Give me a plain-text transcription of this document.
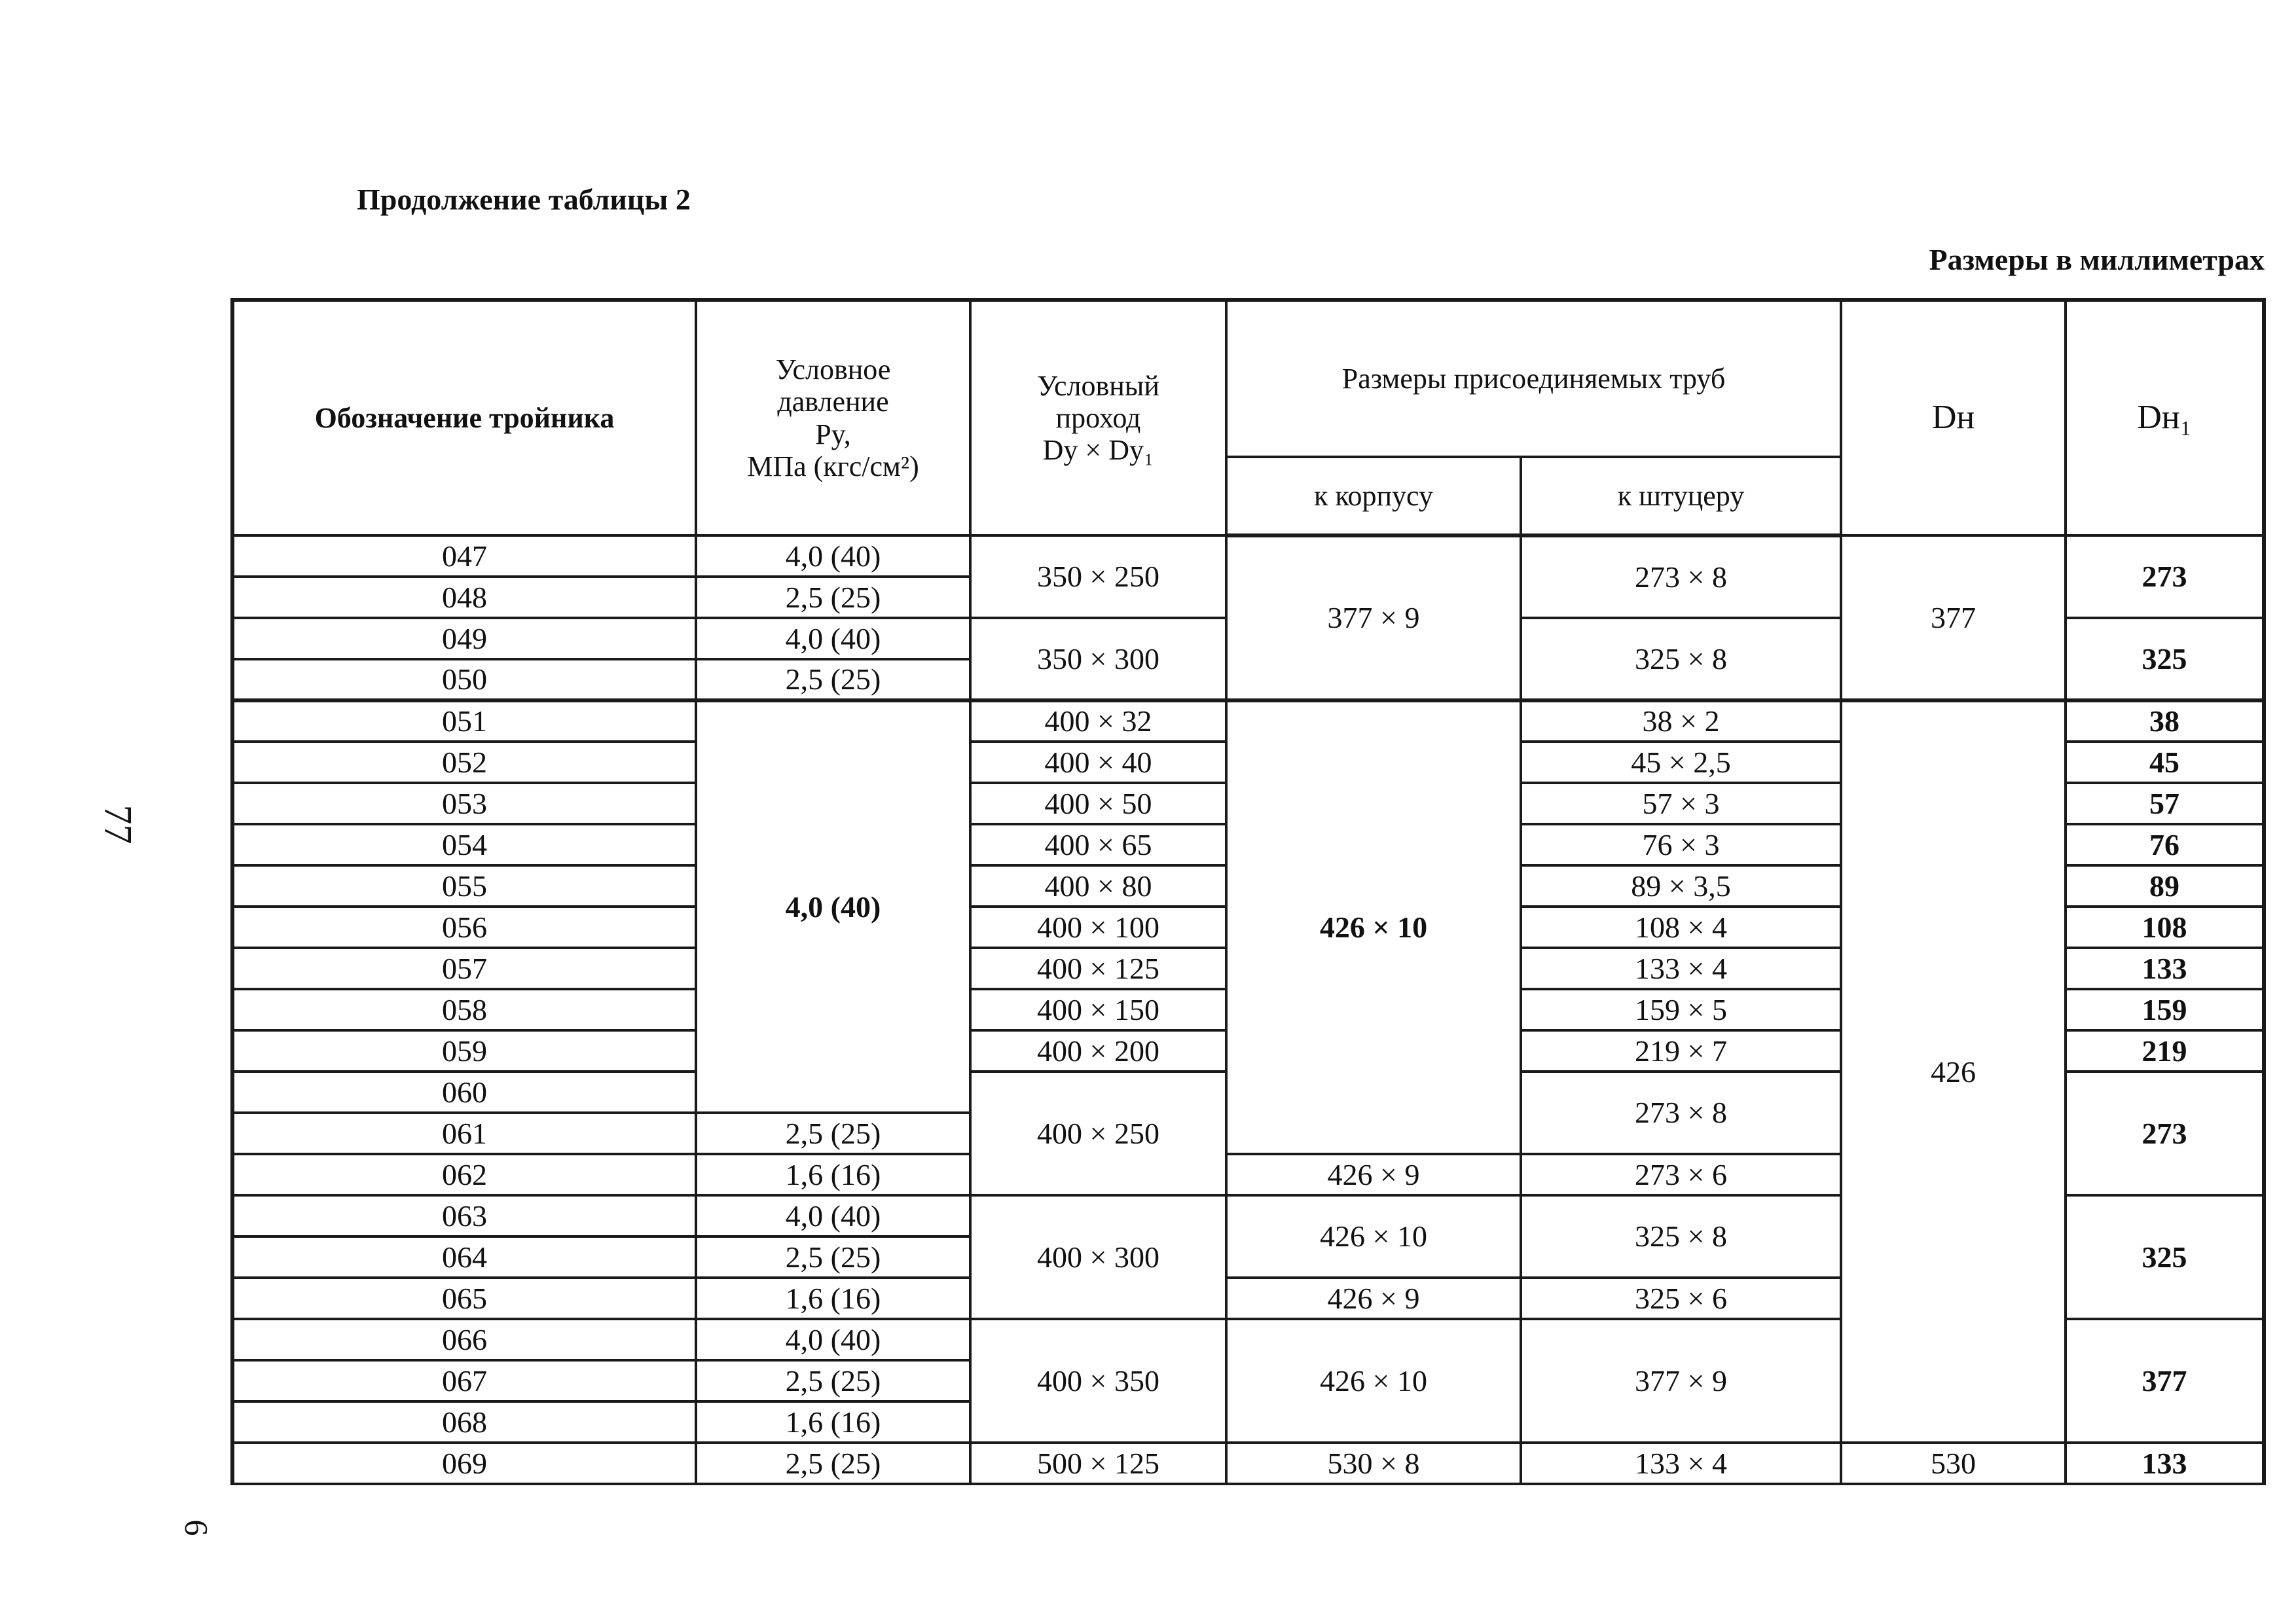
Продолжение таблицы 2
Размеры в миллиметрах
77
6
Обозначение тройника	Условное
давление
Py,
МПа (кгс/см²)	Условный
проход
Dy × Dy₁	Размеры присоединяемых труб		Dн	Dн₁
			к корпусу	к штуцеру		
047	4,0 (40)	350 × 250	377 × 9	273 × 8	377	273
048	2,5 (25)					
049	4,0 (40)	350 × 300		325 × 8		325
050	2,5 (25)					
051	4,0 (40)	400 × 32	426 × 10	38 × 2	426	38
052		400 × 40		45 × 2,5		45
053		400 × 50		57 × 3		57
054		400 × 65		76 × 3		76
055		400 × 80		89 × 3,5		89
056		400 × 100		108 × 4		108
057		400 × 125		133 × 4		133
058		400 × 150		159 × 5		159
059		400 × 200		219 × 7		219
060		400 × 250		273 × 8		273
061	2,5 (25)					
062	1,6 (16)		426 × 9	273 × 6		
063	4,0 (40)	400 × 300	426 × 10	325 × 8		325
064	2,5 (25)					
065	1,6 (16)		426 × 9	325 × 6		
066	4,0 (40)	400 × 350	426 × 10	377 × 9		377
067	2,5 (25)					
068	1,6 (16)					
069	2,5 (25)	500 × 125	530 × 8	133 × 4	530	133
